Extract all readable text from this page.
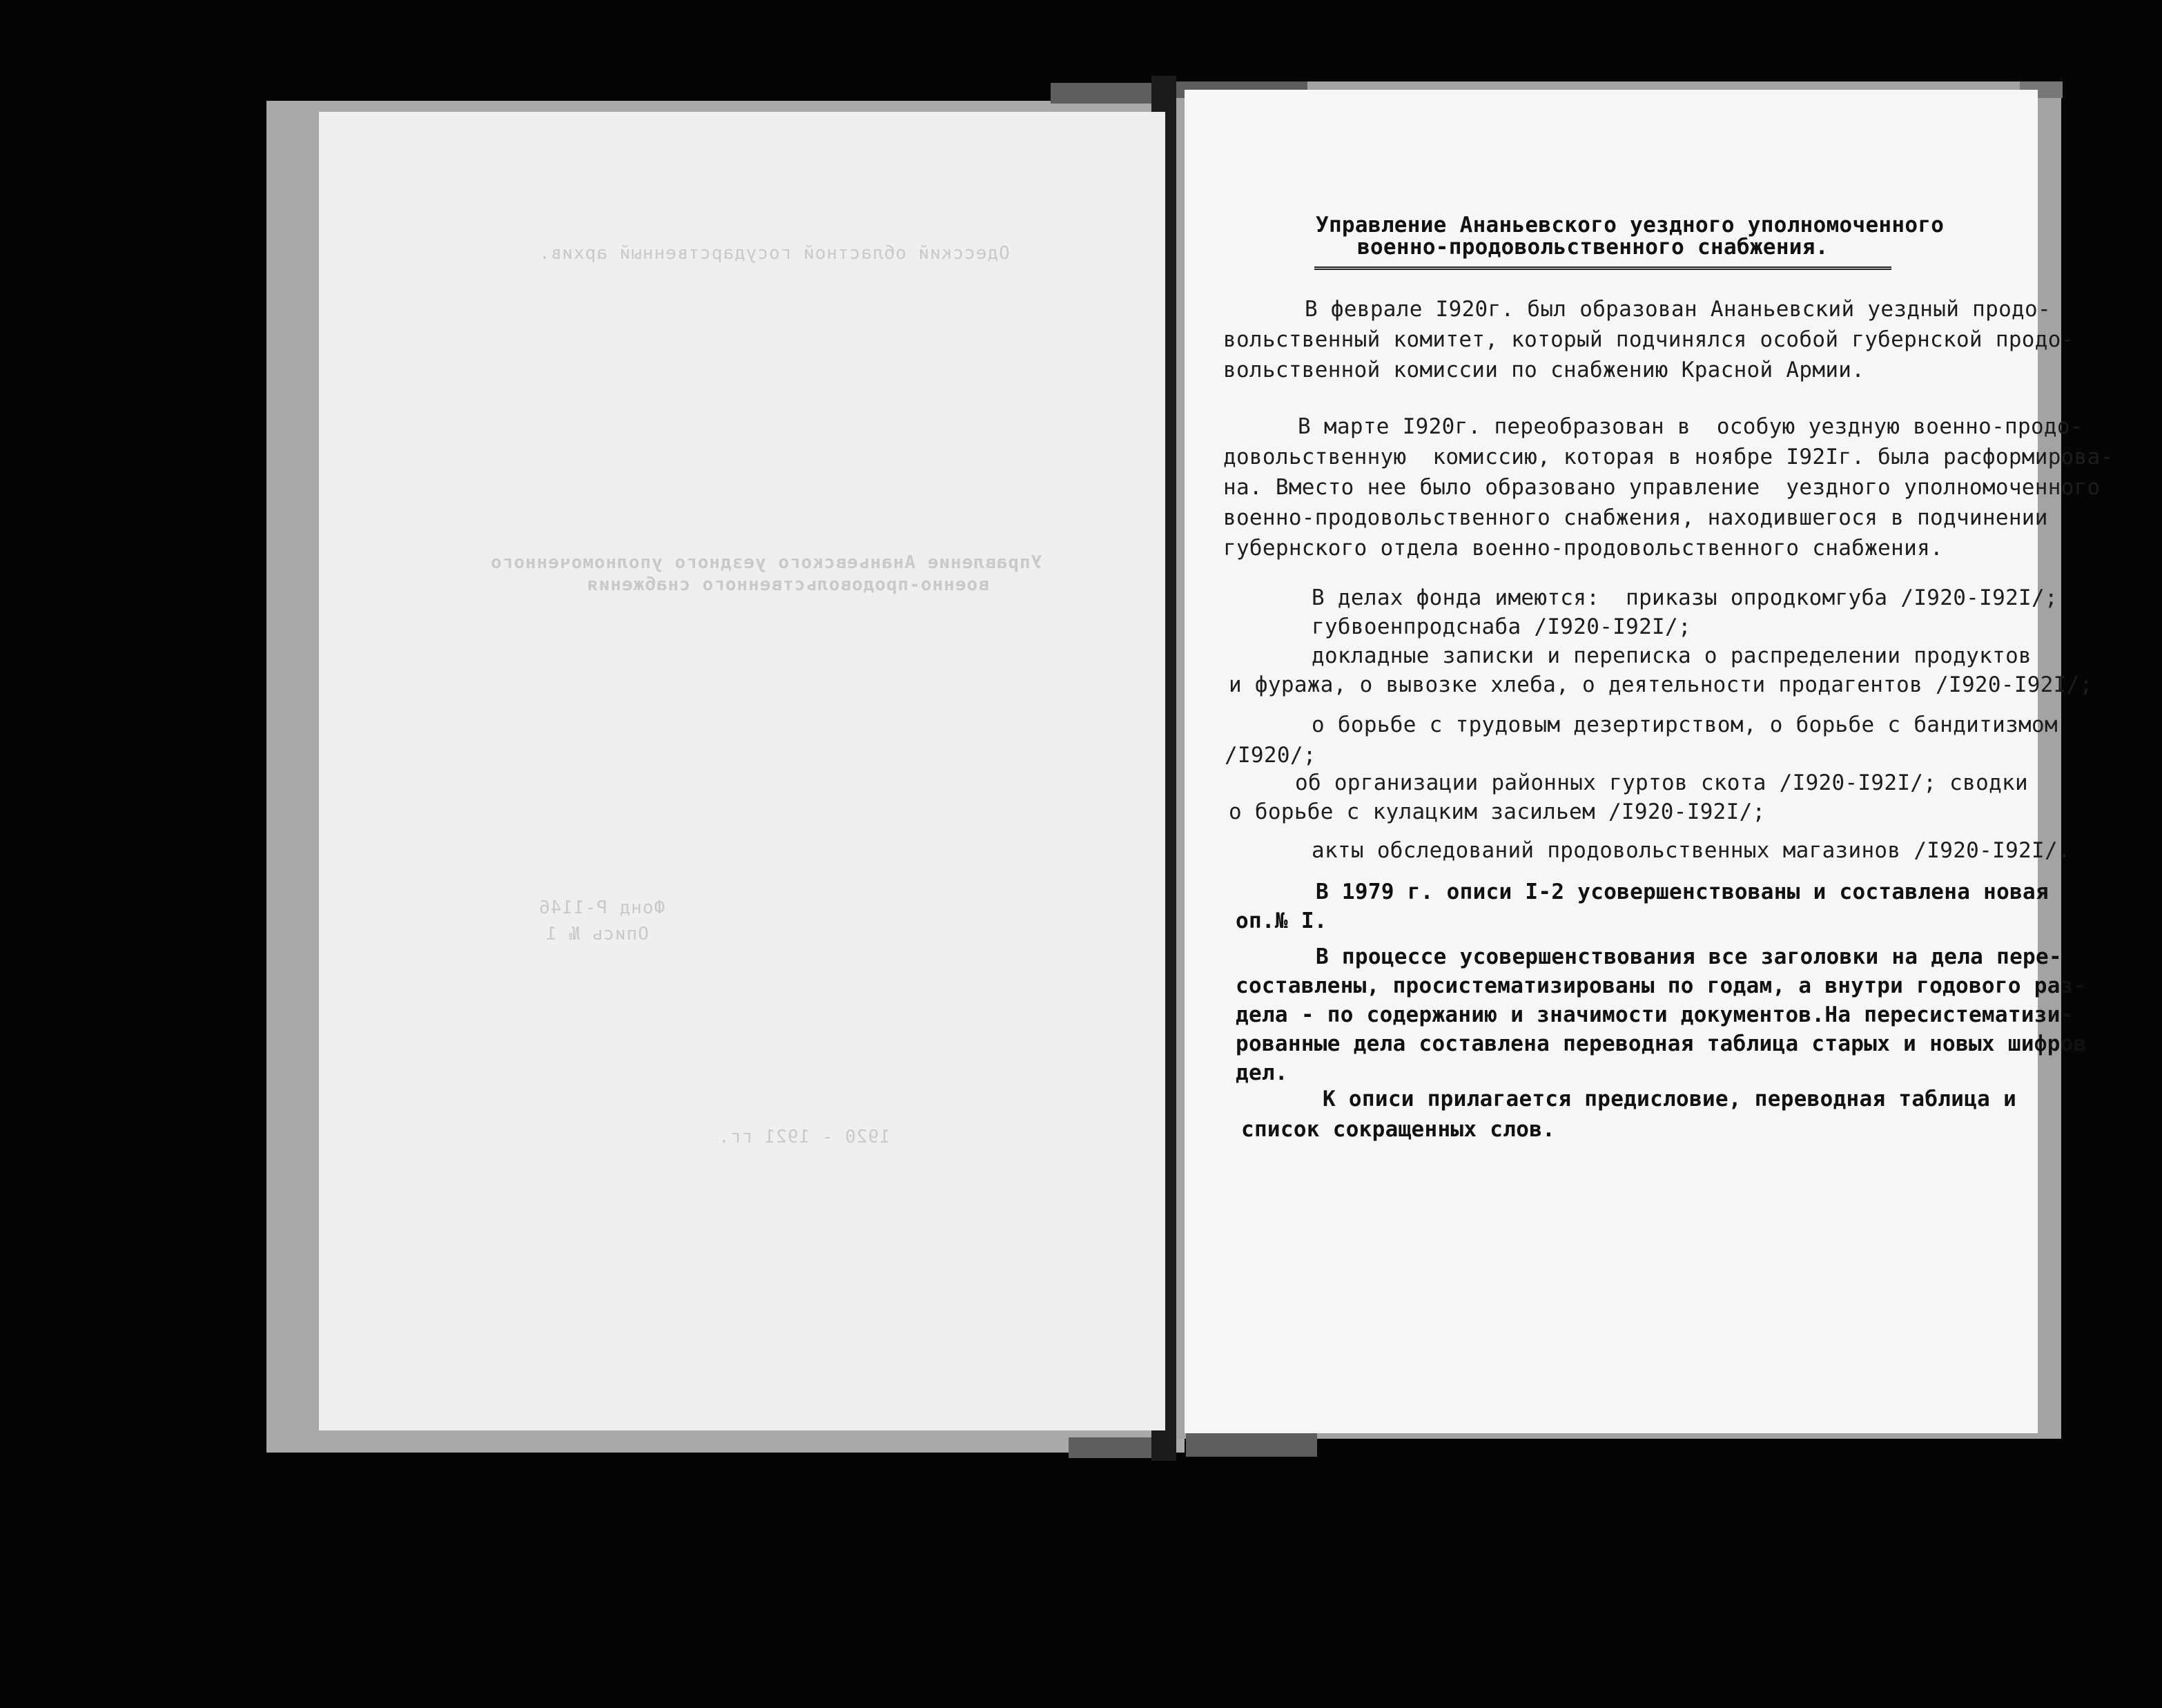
Одесский областной государственный архив.
Управление Ананьевского уездного уполномоченного
военно-продовольственного снабжения
Фонд Р-1146
Опись № 1
1920 - 1921 гг.
Управление Ананьевского уездного уполномоченного
военно-продовольственного снабжения.
В феврале I920г. был образован Ананьевский уездный продо-
вольственный комитет, который подчинялся особой губернской продо-
вольственной комиссии по снабжению Красной Армии.
В марте I920г. переобразован в  особую уездную военно-продо-
довольственную  комиссию, которая в ноябре I92Iг. была расформирова-
на. Вместо нее было образовано управление  уездного уполномоченного
военно-продовольственного снабжения, находившегося в подчинении
губернского отдела военно-продовольственного снабжения.
В делах фонда имеются:  приказы опродкомгуба /I920-I92I/;
губвоенпродснаба /I920-I92I/;
докладные записки и переписка о распределении продуктов
и фуража, о вывозке хлеба, о деятельности продагентов /I920-I92I/;
о борьбе с трудовым дезертирством, о борьбе с бандитизмом
/I920/;
об организации районных гуртов скота /I920-I92I/; сводки
о борьбе с кулацким засильем /I920-I92I/;
акты обследований продовольственных магазинов /I920-I92I/.
В 1979 г. описи I-2 усовершенствованы и составлена новая
оп.№ I.
В процессе усовершенствования все заголовки на дела пере-
составлены, просистематизированы по годам, а внутри годового раз-
дела - по содержанию и значимости документов.На пересистематизи-
рованные дела составлена переводная таблица старых и новых шифров
дел.
К описи прилагается предисловие, переводная таблица и
список сокращенных слов.
